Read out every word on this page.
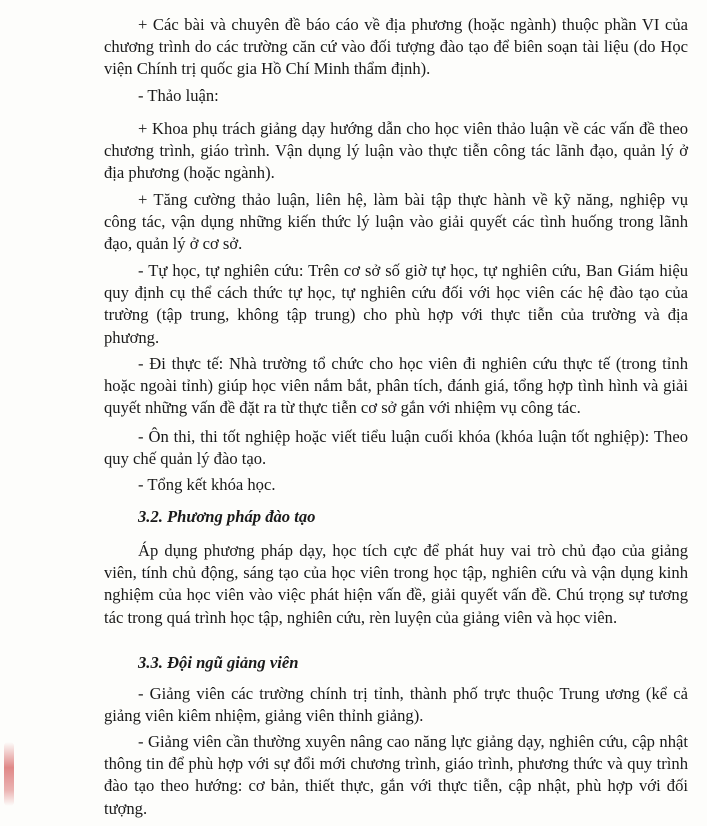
+ Các bài và chuyên đề báo cáo về địa phương (hoặc ngành) thuộc phần VI của chương trình do các trường căn cứ vào đối tượng đào tạo để biên soạn tài liệu (do Học viện Chính trị quốc gia Hồ Chí Minh thẩm định).

- Thảo luận:

+ Khoa phụ trách giảng dạy hướng dẫn cho học viên thảo luận về các vấn đề theo chương trình, giáo trình. Vận dụng lý luận vào thực tiễn công tác lãnh đạo, quản lý ở địa phương (hoặc ngành).

+ Tăng cường thảo luận, liên hệ, làm bài tập thực hành về kỹ năng, nghiệp vụ công tác, vận dụng những kiến thức lý luận vào giải quyết các tình huống trong lãnh đạo, quản lý ở cơ sở.

- Tự học, tự nghiên cứu: Trên cơ sở số giờ tự học, tự nghiên cứu, Ban Giám hiệu quy định cụ thể cách thức tự học, tự nghiên cứu đối với học viên các hệ đào tạo của trường (tập trung, không tập trung) cho phù hợp với thực tiễn của trường và địa phương.

- Đi thực tế: Nhà trường tổ chức cho học viên đi nghiên cứu thực tế (trong tỉnh hoặc ngoài tỉnh) giúp học viên nắm bắt, phân tích, đánh giá, tổng hợp tình hình và giải quyết những vấn đề đặt ra từ thực tiễn cơ sở gắn với nhiệm vụ công tác.

- Ôn thi, thi tốt nghiệp hoặc viết tiểu luận cuối khóa (khóa luận tốt nghiệp): Theo quy chế quản lý đào tạo.

- Tổng kết khóa học.

3.2. Phương pháp đào tạo

Áp dụng phương pháp dạy, học tích cực để phát huy vai trò chủ đạo của giảng viên, tính chủ động, sáng tạo của học viên trong học tập, nghiên cứu và vận dụng kinh nghiệm của học viên vào việc phát hiện vấn đề, giải quyết vấn đề. Chú trọng sự tương tác trong quá trình học tập, nghiên cứu, rèn luyện của giảng viên và học viên.

3.3. Đội ngũ giảng viên

- Giảng viên các trường chính trị tỉnh, thành phố trực thuộc Trung ương (kể cả giảng viên kiêm nhiệm, giảng viên thỉnh giảng).

- Giảng viên cần thường xuyên nâng cao năng lực giảng dạy, nghiên cứu, cập nhật thông tin để phù hợp với sự đổi mới chương trình, giáo trình, phương thức và quy trình đào tạo theo hướng: cơ bản, thiết thực, gắn với thực tiễn, cập nhật, phù hợp với đối tượng.
